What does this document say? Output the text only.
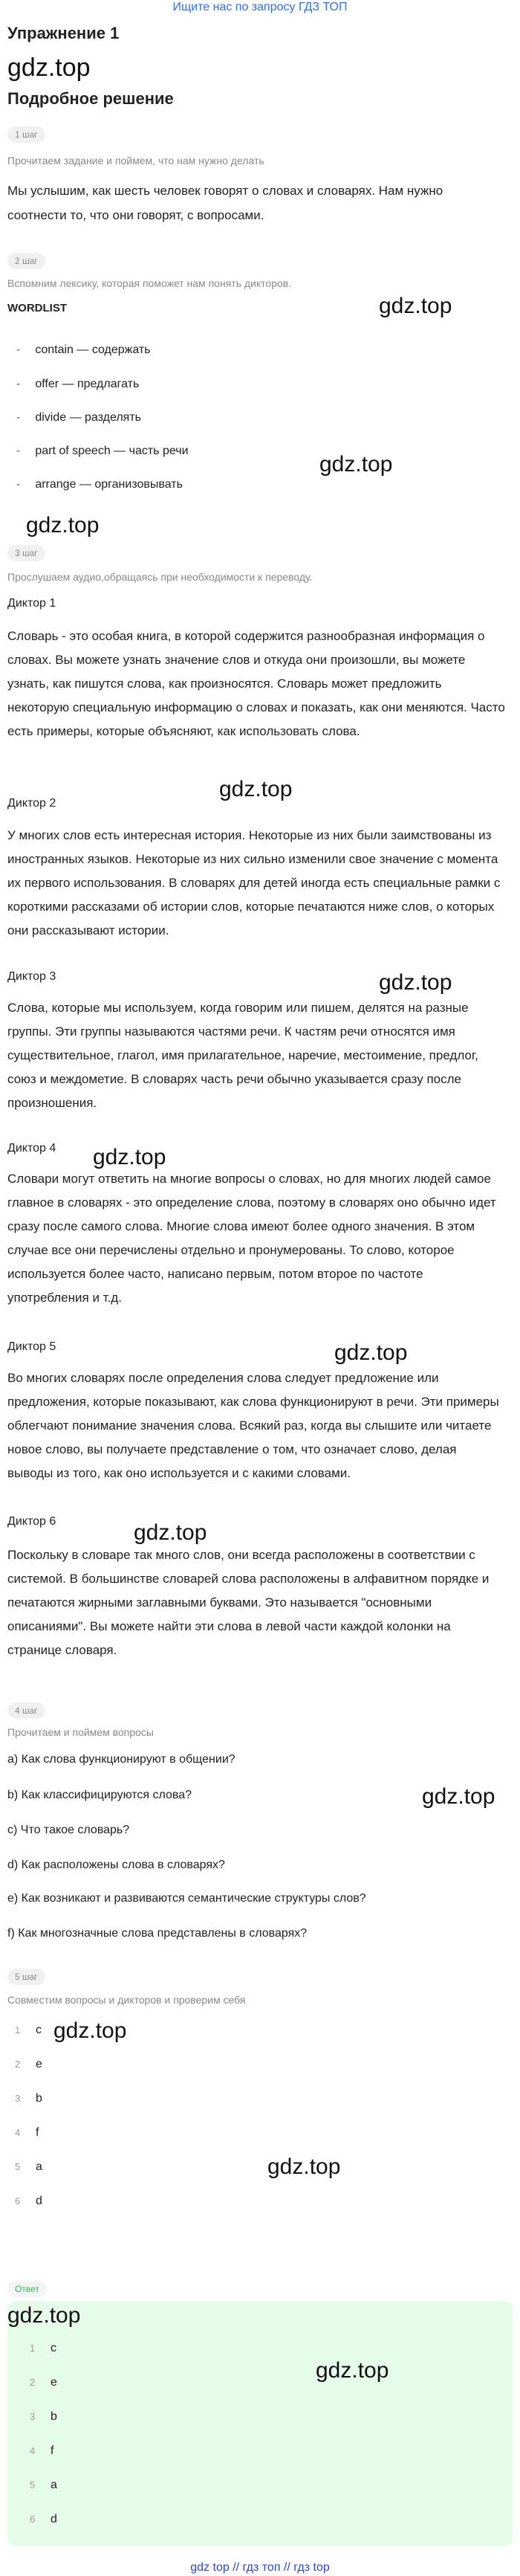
Ищите нас по запросу ГДЗ ТОП
Упражнение 1
gdz.top
Подробное решение
1 шаг
Прочитаем задание и поймем, что нам нужно делать
Мы услышим, как шесть человек говорят о словах и словарях. Нам нужно соотнести то, что они говорят, с вопросами.
2 шаг
Вспомним лексику, которая поможет нам понять дикторов.
gdz.top
WORDLIST
- contain — содержать
- offer — предлагать
- divide — разделять
gdz.top
- part of speech — часть речи
- arrange — организовывать
gdz.top
3 шаг
Прослушаем аудио,обращаясь при необходимости к переводу.
Диктор 1
Словарь - это особая книга, в которой содержится разнообразная информация о словах. Вы можете узнать значение слов и откуда они произошли, вы можете узнать, как пишутся слова, как произносятся. Словарь может предложить некоторую специальную информацию о словах и показать, как они меняются. Часто есть примеры, которые объясняют, как использовать слова.
gdz.top
Диктор 2
У многих слов есть интересная история. Некоторые из них были заимствованы из иностранных языков. Некоторые из них сильно изменили свое значение с момента их первого использования. В словарях для детей иногда есть специальные рамки с короткими рассказами об истории слов, которые печатаются ниже слов, о которых они рассказывают истории.
gdz.top
Диктор 3
Слова, которые мы используем, когда говорим или пишем, делятся на разные группы. Эти группы называются частями речи. К частям речи относятся имя существительное, глагол, имя прилагательное, наречие, местоимение, предлог, союз и междометие. В словарях часть речи обычно указывается сразу после произношения.
gdz.top
Диктор 4
Словари могут ответить на многие вопросы о словах, но для многих людей самое главное в словарях - это определение слова, поэтому в словарях оно обычно идет сразу после самого слова. Многие слова имеют более одного значения. В этом случае все они перечислены отдельно и пронумерованы. То слово, которое используется более часто, написано первым, потом второе по частоте употребления и т.д.
gdz.top
Диктор 5
Во многих словарях после определения слова следует предложение или предложения, которые показывают, как слова функционируют в речи. Эти примеры облегчают понимание значения слова. Всякий раз, когда вы слышите или читаете новое слово, вы получаете представление о том, что означает слово, делая выводы из того, как оно используется и с какими словами.
gdz.top
Диктор 6
Поскольку в словаре так много слов, они всегда расположены в соответствии с системой. В большинстве словарей слова расположены в алфавитном порядке и печатаются жирными заглавными буквами. Это называется "основными описаниями". Вы можете найти эти слова в левой части каждой колонки на странице словаря.
4 шаг
Прочитаем и поймем вопросы
a) Как слова функционируют в общении?
b) Как классифицируются слова?	gdz.top
c) Что такое словарь?
d) Как расположены слова в словарях?
e) Как возникают и развиваются семантические структуры слов?
f) Как многозначные слова представлены в словарях?
5 шаг
Совместим вопросы и дикторов и проверим себя
1 c gdz.top
2 e
3 b
4 f
5 a	gdz.top
6 d
Ответ
gdz.top
1 c
2 e	gdz.top
3 b
4 f
5 a
6 d
gdz top // гдз топ // гдз top
